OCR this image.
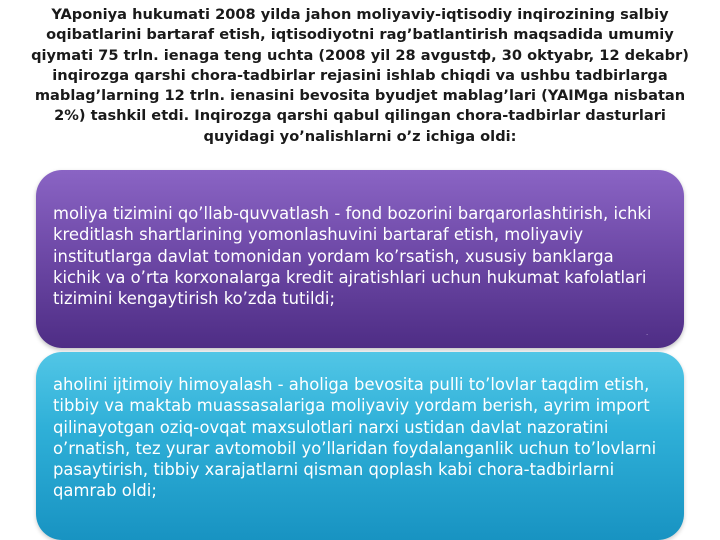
YAponiya hukumati 2008 yilda jahon moliyaviy-iqtisodiy inqirozining salbiy oqibatlarini bartaraf etish, iqtisodiyotni rag’batlantirish maqsadida umumiy qiymati 75 trln. ienaga teng uchta (2008 yil 28 avgustф, 30 oktyabr, 12 dekabr) inqirozga qarshi chora-tadbirlar rejasini ishlab chiqdi va ushbu tadbirlarga mablag’larning 12 trln. ienasini bevosita byudjet mablag’lari (YAIMga nisbatan 2%) tashkil etdi. Inqirozga qarshi qabul qilingan chora-tadbirlar dasturlari quyidagi yo’nalishlarni o’z ichiga oldi:

moliya tizimini qo’llab-quvvatlash - fond bozorini barqarorlashtirish, ichki kreditlash shartlarining yomonlashuvini bartaraf etish, moliyaviy institutlarga davlat tomonidan yordam ko’rsatish, xususiy banklarga kichik va o’rta korxonalarga kredit ajratishlari uchun hukumat kafolatlari tizimini kengaytirish ko’zda tutildi;

.

aholini ijtimoiy himoyalash - aholiga bevosita pulli to’lovlar taqdim etish, tibbiy va maktab muassasalariga moliyaviy yordam berish, ayrim import qilinayotgan oziq-ovqat maxsulotlari narxi ustidan davlat nazoratini o’rnatish, tez yurar avtomobil yo’llaridan foydalanganlik uchun to’lovlarni pasaytirish, tibbiy xarajatlarni qisman qoplash kabi chora-tadbirlarni qamrab oldi;
